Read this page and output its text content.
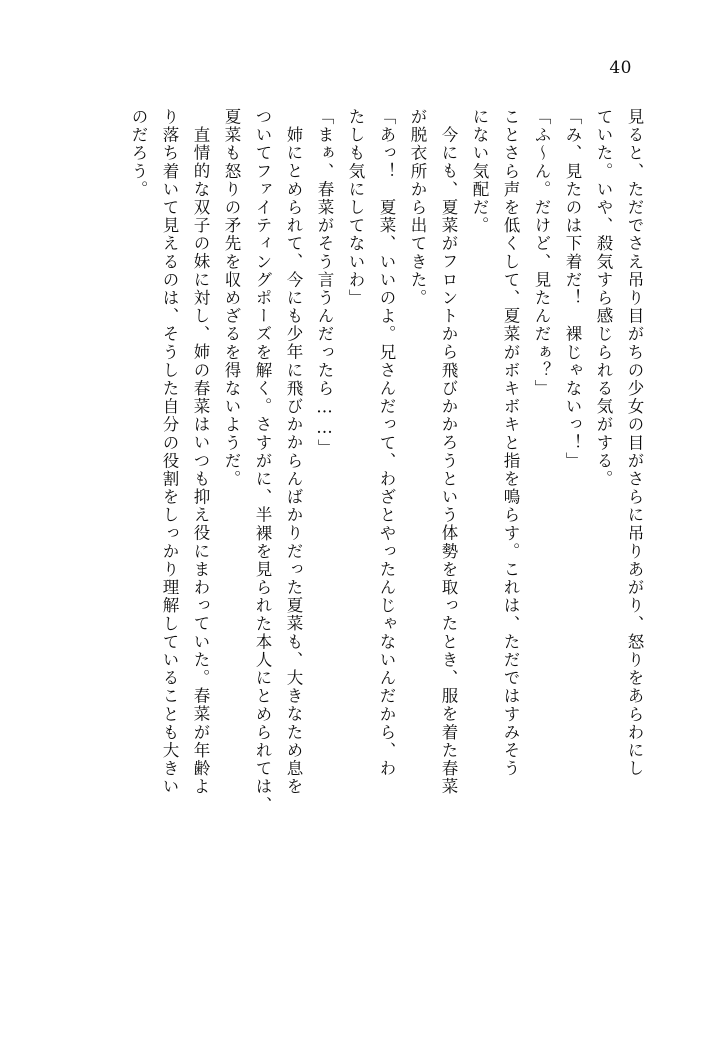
40
見ると、ただでさえ吊り目がちの少女の目がさらに吊りあがり、怒りをあらわにし
ていた。いや、殺気すら感じられる気がする。
「み、見たのは下着だ！　裸じゃないっ！」
「ふ〜ん。だけど、見たんだぁ？」
ことさら声を低くして、夏菜がボキボキと指を鳴らす。これは、ただではすみそう
にない気配だ。
今にも、夏菜がフロントから飛びかかろうという体勢を取ったとき、服を着た春菜
が脱衣所から出てきた。
「あっ！　夏菜、いいのよ。兄さんだって、わざとやったんじゃないんだから、わ
たしも気にしてないわ」
「まぁ、春菜がそう言うんだったら……」
姉にとめられて、今にも少年に飛びかからんばかりだった夏菜も、大きなため息を
ついてファイティングポーズを解く。さすがに、半裸を見られた本人にとめられては、
夏菜も怒りの矛先を収めざるを得ないようだ。
直情的な双子の妹に対し、姉の春菜はいつも抑え役にまわっていた。春菜が年齢よ
り落ち着いて見えるのは、そうした自分の役割をしっかり理解していることも大きい
のだろう。
